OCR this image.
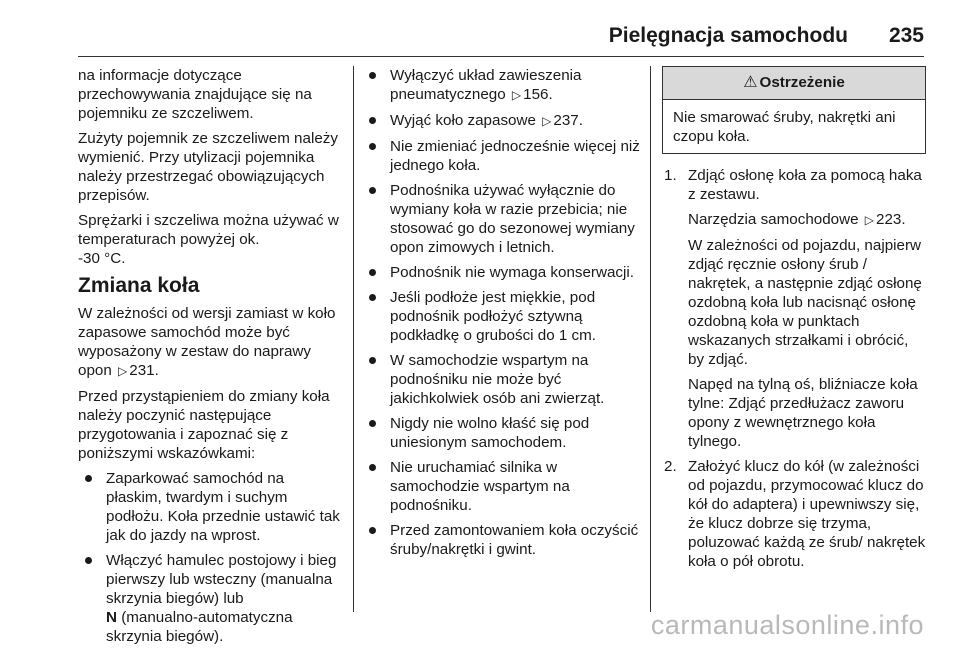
Pielęgnacja samochodu 235

na informacje dotyczące przechowywania znajdujące się na pojemniku ze szczeliwem.

Zużyty pojemnik ze szczeliwem należy wymienić. Przy utylizacji pojemnika należy przestrzegać obowiązujących przepisów.

Sprężarki i szczeliwa można używać w temperaturach powyżej ok.
-30 °C.

Zmiana koła

W zależności od wersji zamiast w koło zapasowe samochód może być wyposażony w zestaw do naprawy opon ▷ 231.

Przed przystąpieniem do zmiany koła należy poczynić następujące przygotowania i zapoznać się z poniższymi wskazówkami:

Zaparkować samochód na płaskim, twardym i suchym podłożu. Koła przednie ustawić tak jak do jazdy na wprost.
Włączyć hamulec postojowy i bieg pierwszy lub wsteczny (manualna skrzynia biegów) lub
N (manualno-automatyczna skrzynia biegów).
Wyłączyć układ zawieszenia pneumatycznego ▷ 156.
Wyjąć koło zapasowe ▷ 237.
Nie zmieniać jednocześnie więcej niż jednego koła.
Podnośnika używać wyłącznie do wymiany koła w razie przebicia; nie stosować go do sezonowej wymiany opon zimowych i letnich.
Podnośnik nie wymaga konserwacji.
Jeśli podłoże jest miękkie, pod podnośnik podłożyć sztywną podkładkę o grubości do 1 cm.
W samochodzie wspartym na podnośniku nie może być jakichkolwiek osób ani zwierząt.
Nigdy nie wolno kłaść się pod uniesionym samochodem.
Nie uruchamiać silnika w samochodzie wspartym na podnośniku.
Przed zamontowaniem koła oczyścić śruby/nakrętki i gwint.
⚠ Ostrzeżenie
Nie smarować śruby, nakrętki ani czopu koła.
1. Zdjąć osłonę koła za pomocą haka z zestawu.

Narzędzia samochodowe ▷ 223.

W zależności od pojazdu, najpierw zdjąć ręcznie osłony śrub / nakrętek, a następnie zdjąć osłonę ozdobną koła lub nacisnąć osłonę ozdobną koła w punktach wskazanych strzałkami i obrócić, by zdjąć.

Napęd na tylną oś, bliźniacze koła tylne: Zdjąć przedłużacz zaworu opony z wewnętrznego koła tylnego.

2. Założyć klucz do kół (w zależności od pojazdu, przymocować klucz do kół do adaptera) i upewniwszy się, że klucz dobrze się trzyma, poluzować każdą ze śrub/ nakrętek koła o pół obrotu.
carmanualsonline.info
